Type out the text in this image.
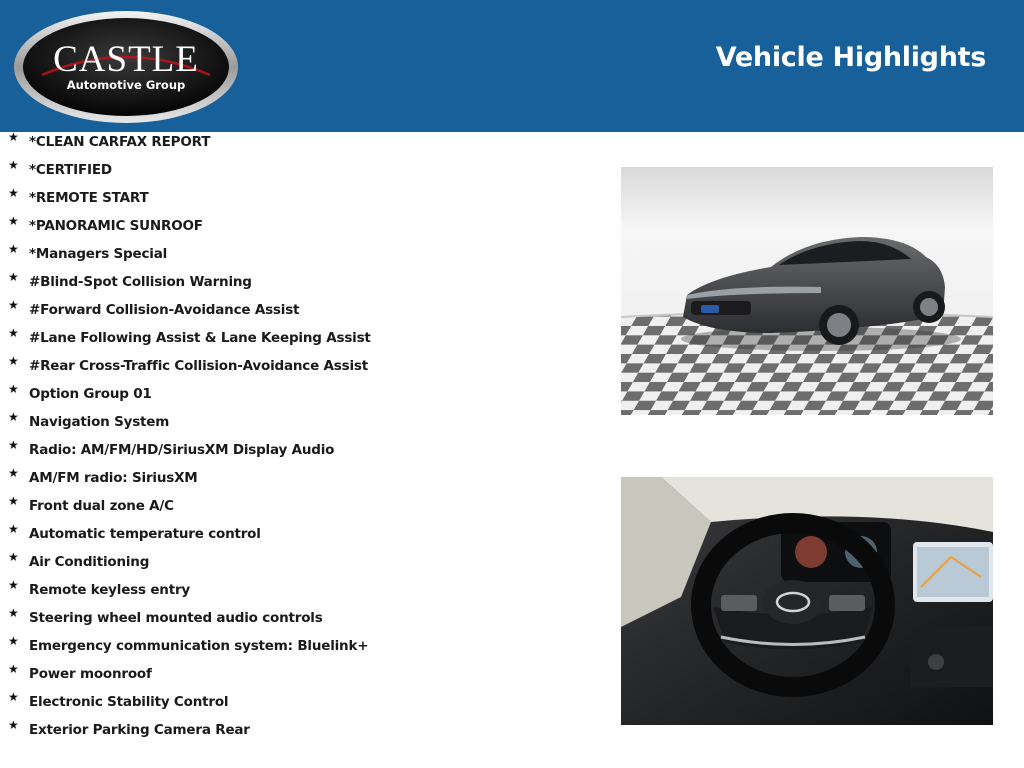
CASTLE
Automotive Group
Vehicle Highlights
★ *CLEAN CARFAX REPORT
★ *CERTIFIED
★ *REMOTE START
★ *PANORAMIC SUNROOF
★ *Managers Special
★ #Blind-Spot Collision Warning
★ #Forward Collision-Avoidance Assist
★ #Lane Following Assist & Lane Keeping Assist
★ #Rear Cross-Traffic Collision-Avoidance Assist
★ Option Group 01
★ Navigation System
★ Radio: AM/FM/HD/SiriusXM Display Audio
★ AM/FM radio: SiriusXM
★ Front dual zone A/C
★ Automatic temperature control
★ Air Conditioning
★ Remote keyless entry
★ Steering wheel mounted audio controls
★ Emergency communication system: Bluelink+
★ Power moonroof
★ Electronic Stability Control
★ Exterior Parking Camera Rear
